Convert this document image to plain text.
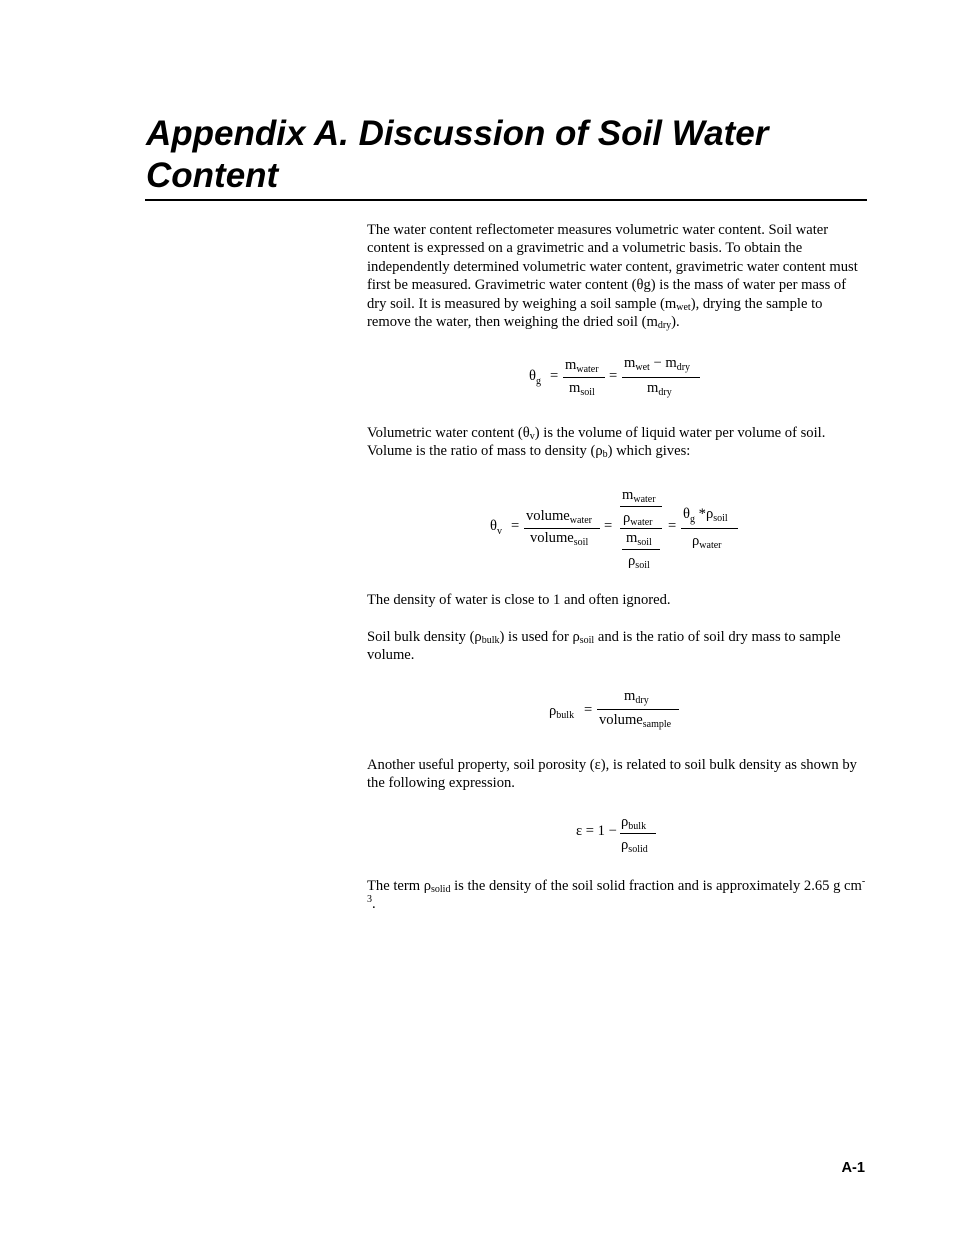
Appendix A. Discussion of Soil Water
Content

The water content reflectometer measures volumetric water content. Soil water content is expressed on a gravimetric and a volumetric basis. To obtain the independently determined volumetric water content, gravimetric water content must first be measured. Gravimetric water content (θg) is the mass of water per mass of dry soil. It is measured by weighing a soil sample $(m_{wet})$, drying the sample to remove the water, then weighing the dried soil $(m_{dry})$.

$\theta_g$ =
$m_{water}$
$m_{soil}$
=
$m_{wet} - m_{dry}$
$m_{dry}$

Volumetric water content $(\theta_v)$ is the volume of liquid water per volume of soil. Volume is the ratio of mass to density $(\rho_b)$ which gives:

$\theta_v$ =
volume$_{water}$
volume$_{soil}$
=
$m_{water}$
$\rho_{water}$
$m_{soil}$
$\rho_{soil}$
=
$\theta_g$ $*\rho_{soil}$
$\rho_{water}$

The density of water is close to 1 and often ignored.

Soil bulk density $(\rho_{bulk})$ is used for $\rho_{soil}$ and is the ratio of soil dry mass to sample volume.

$\rho_{bulk}$ =
$m_{dry}$
volume$_{sample}$

Another useful property, soil porosity (ε), is related to soil bulk density as shown by the following expression.

ε = 1 −
$\rho_{bulk}$
$\rho_{solid}$

The term $\rho_{solid}$ is the density of the soil solid fraction and is approximately 2.65 g $cm^{-3}$.

A-1
